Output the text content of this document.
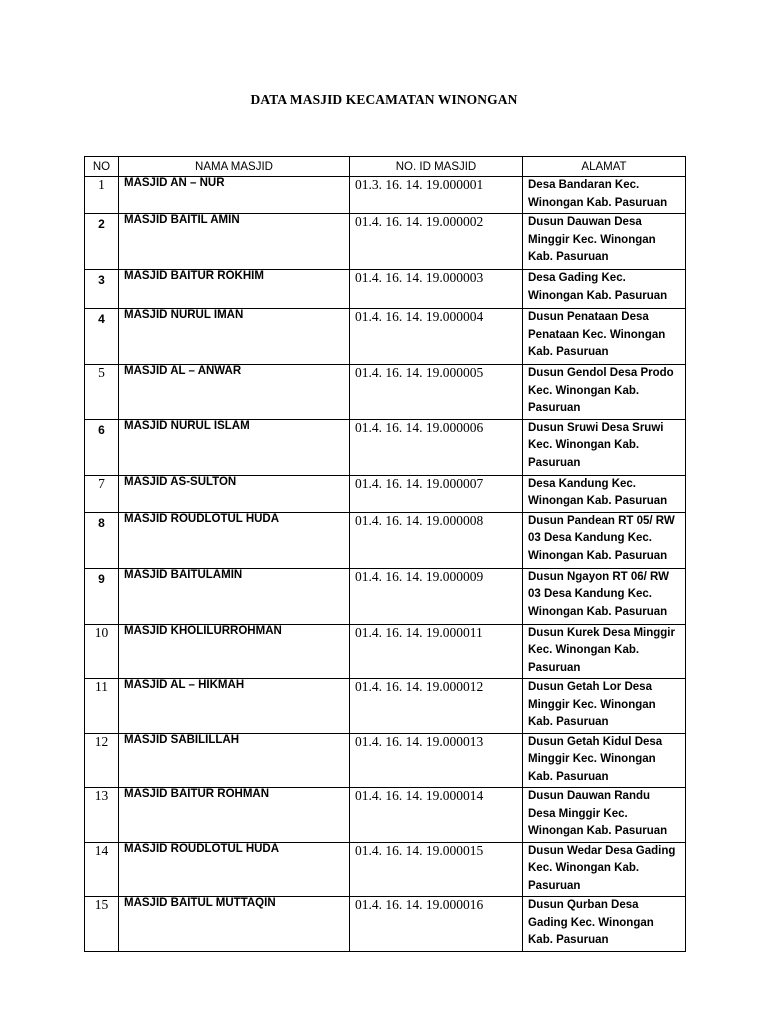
DATA MASJID KECAMATAN WINONGAN
NO	NAMA MASJID	NO. ID MASJID	ALAMAT
1	MASJID AN – NUR	01.3. 16. 14. 19.000001	Desa Bandaran Kec. Winongan Kab. Pasuruan
2	MASJID BAITIL AMIN	01.4. 16. 14. 19.000002	Dusun Dauwan Desa Minggir Kec. Winongan Kab. Pasuruan
3	MASJID BAITUR ROKHIM	01.4. 16. 14. 19.000003	Desa Gading Kec. Winongan Kab. Pasuruan
4	MASJID NURUL IMAN	01.4. 16. 14. 19.000004	Dusun Penataan Desa Penataan Kec. Winongan Kab. Pasuruan
5	MASJID AL – ANWAR	01.4. 16. 14. 19.000005	Dusun Gendol Desa Prodo Kec. Winongan Kab. Pasuruan
6	MASJID NURUL ISLAM	01.4. 16. 14. 19.000006	Dusun Sruwi Desa Sruwi Kec. Winongan Kab. Pasuruan
7	MASJID AS-SULTON	01.4. 16. 14. 19.000007	Desa Kandung Kec. Winongan Kab. Pasuruan
8	MASJID ROUDLOTUL HUDA	01.4. 16. 14. 19.000008	Dusun Pandean RT 05/ RW 03 Desa Kandung Kec. Winongan Kab. Pasuruan
9	MASJID BAITULAMIN	01.4. 16. 14. 19.000009	Dusun Ngayon RT 06/ RW 03 Desa Kandung Kec. Winongan Kab. Pasuruan
10	MASJID KHOLILURROHMAN	01.4. 16. 14. 19.000011	Dusun Kurek Desa Minggir Kec. Winongan Kab. Pasuruan
11	MASJID AL – HIKMAH	01.4. 16. 14. 19.000012	Dusun Getah Lor Desa Minggir Kec. Winongan Kab. Pasuruan
12	MASJID SABILILLAH	01.4. 16. 14. 19.000013	Dusun Getah Kidul Desa Minggir Kec. Winongan Kab. Pasuruan
13	MASJID BAITUR ROHMAN	01.4. 16. 14. 19.000014	Dusun Dauwan Randu Desa Minggir Kec. Winongan Kab. Pasuruan
14	MASJID ROUDLOTUL HUDA	01.4. 16. 14. 19.000015	Dusun Wedar Desa Gading Kec. Winongan Kab. Pasuruan
15	MASJID BAITUL MUTTAQIN	01.4. 16. 14. 19.000016	Dusun Qurban Desa Gading Kec. Winongan Kab. Pasuruan
